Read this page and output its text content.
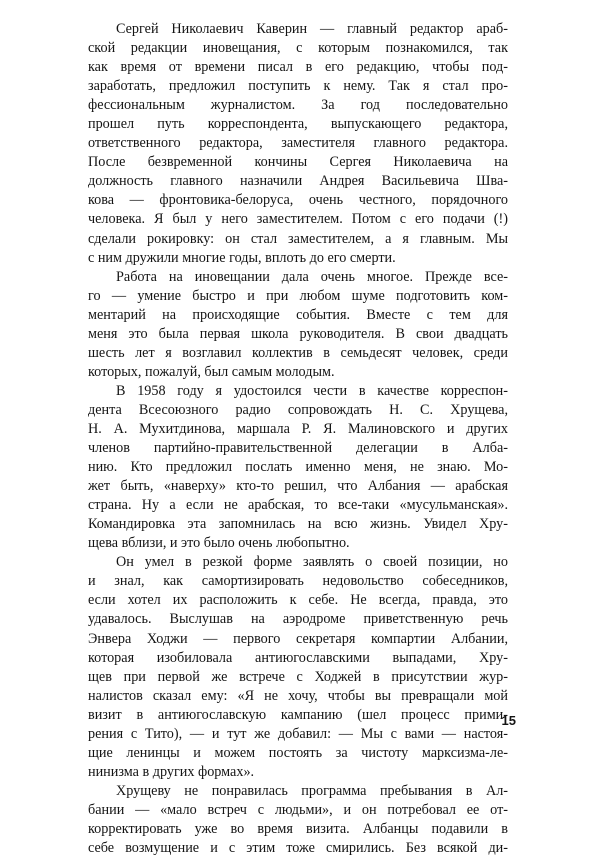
Сергей Николаевич Каверин — главный редактор араб-
ской редакции иновещания, с которым познакомился, так
как время от времени писал в его редакцию, чтобы под-
заработать, предложил поступить к нему. Так я стал про-
фессиональным журналистом. За год последовательно
прошел путь корреспондента, выпускающего редактора,
ответственного редактора, заместителя главного редактора.
После безвременной кончины Сергея Николаевича на
должность главного назначили Андрея Васильевича Шва-
кова — фронтовика-белоруса, очень честного, порядочного
человека. Я был у него заместителем. Потом с его подачи (!)
сделали рокировку: он стал заместителем, а я главным. Мы
с ним дружили многие годы, вплоть до его смерти.
Работа на иновещании дала очень многое. Прежде все-
го — умение быстро и при любом шуме подготовить ком-
ментарий на происходящие события. Вместе с тем для
меня это была первая школа руководителя. В свои двадцать
шесть лет я возглавил коллектив в семьдесят человек, среди
которых, пожалуй, был самым молодым.
В 1958 году я удостоился чести в качестве корреспон-
дента Всесоюзного радио сопровождать Н. С. Хрущева,
Н. А. Мухитдинова, маршала Р. Я. Малиновского и других
членов партийно-правительственной делегации в Алба-
нию. Кто предложил послать именно меня, не знаю. Мо-
жет быть, «наверху» кто-то решил, что Албания — арабская
страна. Ну а если не арабская, то все-таки «мусульманская».
Командировка эта запомнилась на всю жизнь. Увидел Хру-
щева вблизи, и это было очень любопытно.
Он умел в резкой форме заявлять о своей позиции, но
и знал, как самортизировать недовольство собеседников,
если хотел их расположить к себе. Не всегда, правда, это
удавалось. Выслушав на аэродроме приветственную речь
Энвера Ходжи — первого секретаря компартии Албании,
которая изобиловала антиюгославскими выпадами, Хру-
щев при первой же встрече с Ходжей в присутствии жур-
налистов сказал ему: «Я не хочу, чтобы вы превращали мой
визит в антиюгославскую кампанию (шел процесс прими-
рения с Тито), — и тут же добавил: — Мы с вами — настоя-
щие ленинцы и можем постоять за чистоту марксизма-ле-
нинизма в других формах».
Хрущеву не понравилась программа пребывания в Ал-
бании — «мало встреч с людьми», и он потребовал ее от-
корректировать уже во время визита. Албанцы подавили в
себе возмущение и с этим тоже смирились. Без всякой ди-
15
